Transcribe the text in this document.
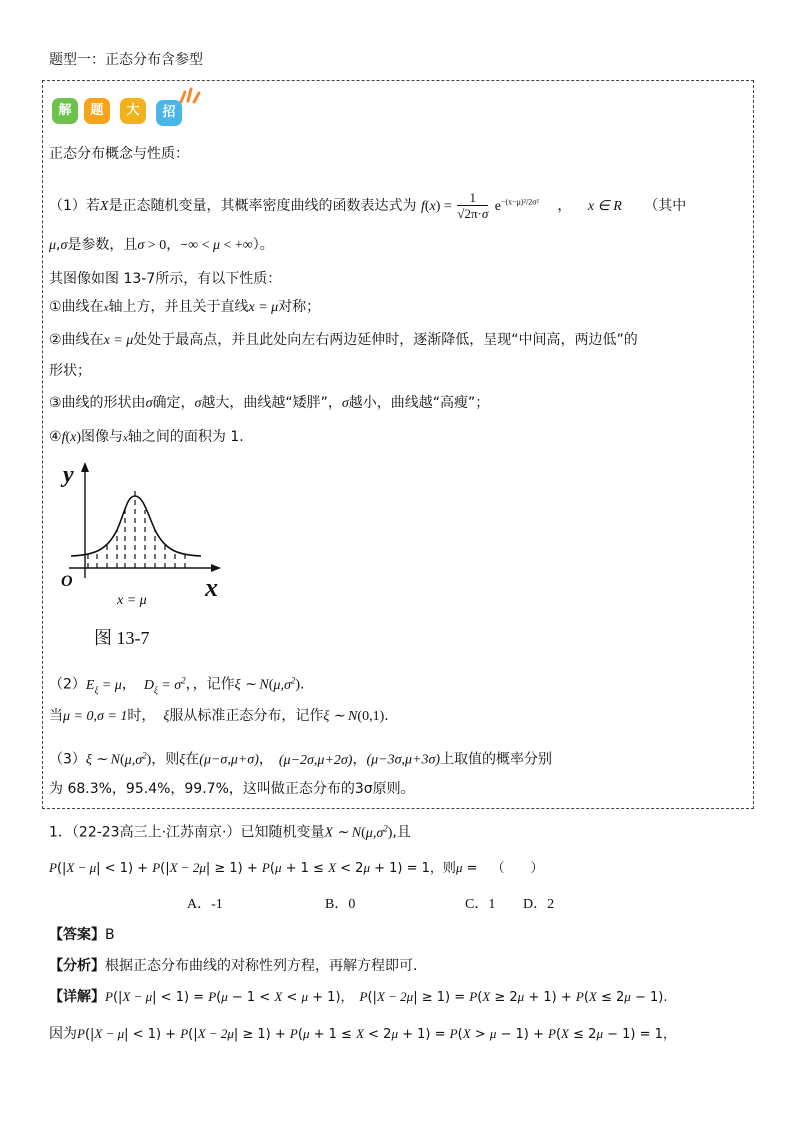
题型一：正态分布含参型
解	题	大	招
正态分布概念与性质：
（1）若X是正态随机变量，其概率密度曲线的函数表达式为 $f(x) = \frac{1}{√2\pi\cdot\sigma} e^{-(x-\mu)^2/2\sigma^2}$ ， x ∈ R （其中
μ,σ是参数，且σ > 0，−∞ < μ < +∞）。
其图像如图 13-7所示，有以下性质：
①曲线在x轴上方，并且关于直线x = μ对称；
②曲线在x = μ处处于最高点，并且此处向左右两边延伸时，逐渐降低，呈现“中间高，两边低”的
形状；
③曲线的形状由σ确定，σ越大，曲线越“矮胖”，σ越小，曲线越“高瘦”；
④f(x)图像与x轴之间的面积为 1.
y
O	x
x = μ
图 13-7
$(2)E_\xi = \mu$， $D_\xi = \sigma^2$，，记作ξ ∼ $N(\mu,\sigma^2)$.
当μ = 0,σ = 1时， ξ服从标准正态分布，记作ξ ∼ N(0,1).
（3）ξ ∼ $N(\mu,\sigma^2)$，则ξ在(μ−σ,μ+σ)， (μ−2σ,μ+2σ)，(μ−3σ,μ+3σ)上取值的概率分别
为 68.3%，95.4%，99.7%，这叫做正态分布的3σ原则。
1．（22-23高三上·江苏南京·）已知随机变量X ∼ $N(\mu,\sigma^2)$,且
P(|X − μ| < 1) + P(|X − 2μ| ≥ 1) + P(μ + 1 ≤ X < 2μ + 1) = 1，则μ = （　　）
A．-1	B．0	C．1 D．2
【答案】B
【分析】根据正态分布曲线的对称性列方程，再解方程即可.
【详解】P(|X − μ| < 1) = P(μ − 1 < X < μ + 1)， P(|X − 2μ| ≥ 1) = P(X ≥ 2μ + 1) + P(X ≤ 2μ − 1).
因为P(|X − μ| < 1) + P(|X − 2μ| ≥ 1) + P(μ + 1 ≤ X < 2μ + 1) = P(X > μ − 1) + P(X ≤ 2μ − 1) = 1，
